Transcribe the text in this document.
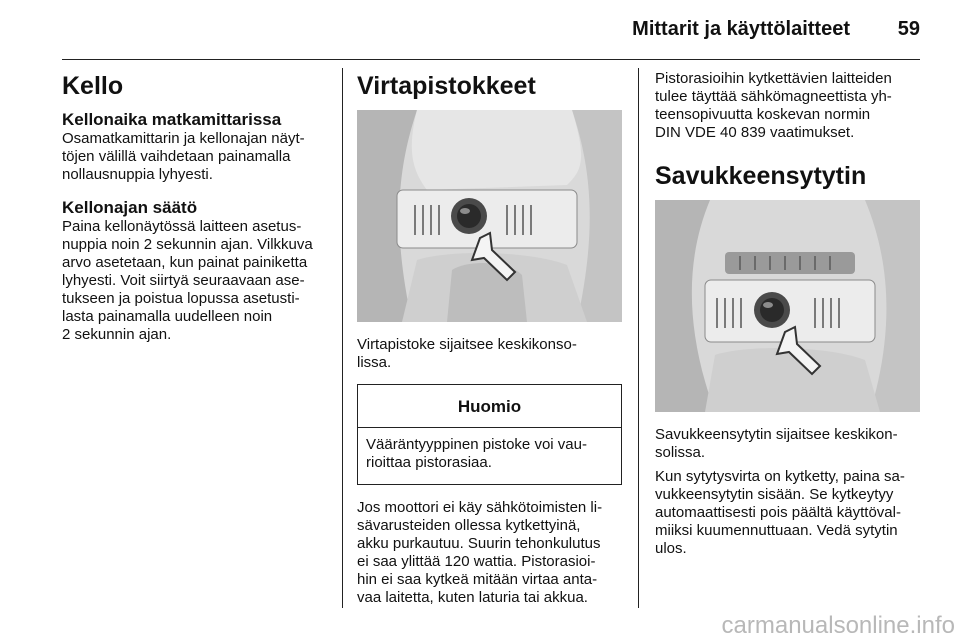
Mittarit ja käyttölaitteet	59
Kello
Kellonaika matkamittarissa

Osamatkamittarin ja kellonajan näyt-

töjen välillä vaihdetaan painamalla

nollausnuppia lyhyesti.

Kellonajan säätö

Paina kellonäytössä laitteen asetus-

nuppia noin 2 sekunnin ajan. Vilkkuva

arvo asetetaan, kun painat painiketta

lyhyesti. Voit siirtyä seuraavaan ase-

tukseen ja poistua lopussa asetusti-

lasta painamalla uudelleen noin

2 sekunnin ajan.

Virtapistokkeet

Virtapistoke sijaitsee keskikonso-

lissa.

Huomio

Vääräntyyppinen pistoke voi vau-

rioittaa pistorasiaa.

Jos moottori ei käy sähkötoimisten li-

sävarusteiden ollessa kytkettyinä,

akku purkautuu. Suurin tehonkulutus

ei saa ylittää 120 wattia. Pistorasioi-

hin ei saa kytkeä mitään virtaa anta-

vaa laitetta, kuten laturia tai akkua.

Pistorasioihin kytkettävien laitteiden

tulee täyttää sähkömagneettista yh-

teensopivuutta koskevan normin

DIN VDE 40 839 vaatimukset.

Savukkeensytytin

Savukkeensytytin sijaitsee keskikon-

solissa.

Kun sytytysvirta on kytketty, paina sa-

vukkeensytytin sisään. Se kytkeytyy

automaattisesti pois päältä käyttöval-

miiksi kuumennuttuaan. Vedä sytytin

ulos.

carmanualsonline.info
